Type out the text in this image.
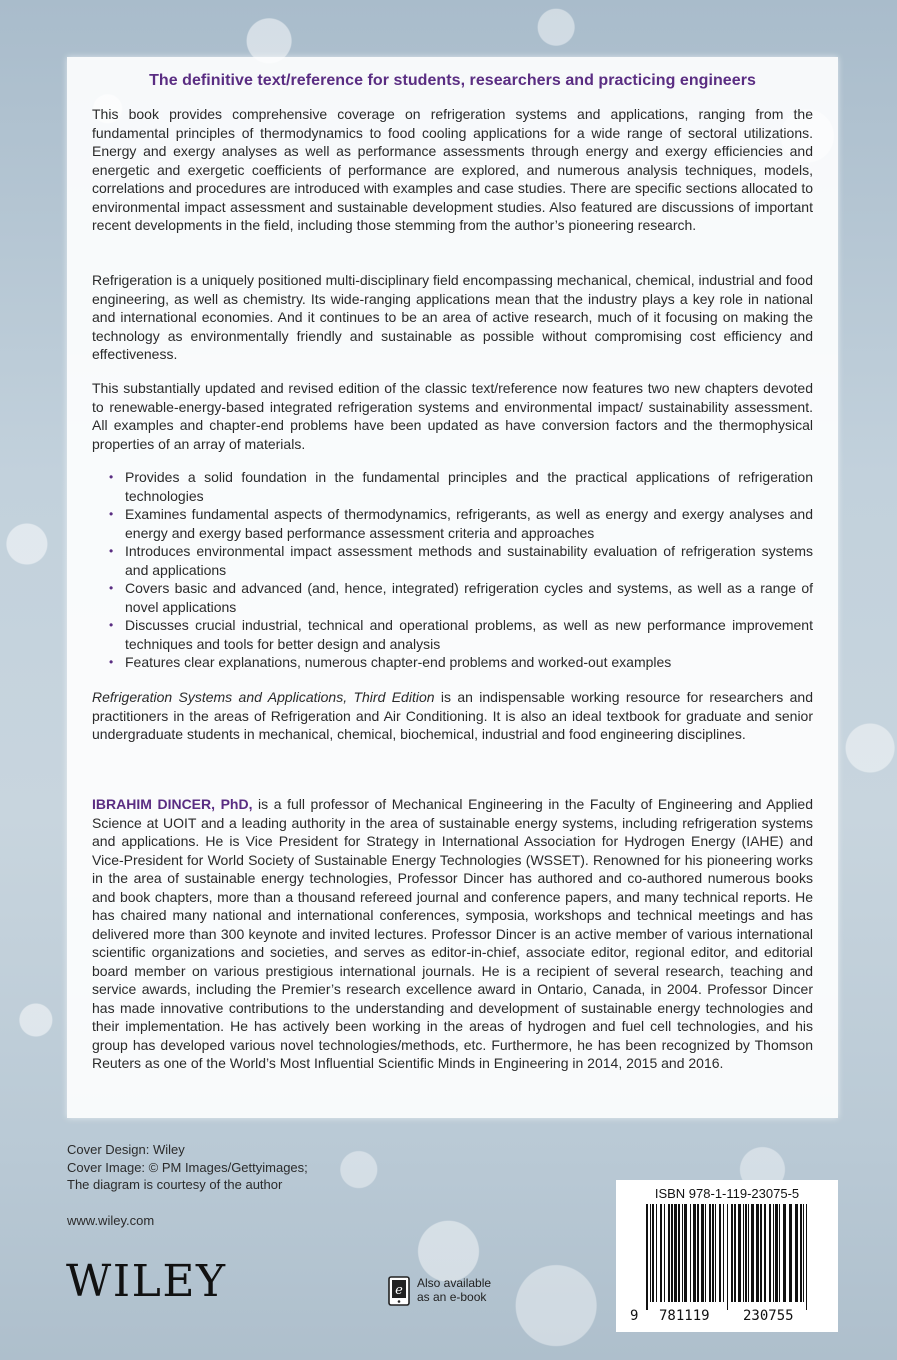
The definitive text/reference for students, researchers and practicing engineers

This book provides comprehensive coverage on refrigeration systems and applications, ranging from the fundamental principles of thermodynamics to food cooling applications for a wide range of sectoral utilizations. Energy and exergy analyses as well as performance assessments through energy and exergy efficiencies and energetic and exergetic coefficients of performance are explored, and numerous analysis techniques, models, correlations and procedures are introduced with examples and case studies. There are specific sections allocated to environmental impact assessment and sustainable development studies. Also featured are discussions of important recent developments in the field, including those stemming from the author’s pioneering research.

Refrigeration is a uniquely positioned multi-disciplinary field encompassing mechanical, chemical, industrial and food engineering, as well as chemistry. Its wide-ranging applications mean that the industry plays a key role in national and international economies. And it continues to be an area of active research, much of it focusing on making the technology as environmentally friendly and sustainable as possible without compromising cost efficiency and effectiveness.

This substantially updated and revised edition of the classic text/reference now features two new chapters devoted to renewable-energy-based integrated refrigeration systems and environmental impact/ sustainability assessment. All examples and chapter-end problems have been updated as have conversion factors and the thermophysical properties of an array of materials.

• Provides a solid foundation in the fundamental principles and the practical applications of refrigeration technologies
• Examines fundamental aspects of thermodynamics, refrigerants, as well as energy and exergy analyses and energy and exergy based performance assessment criteria and approaches
• Introduces environmental impact assessment methods and sustainability evaluation of refrigeration systems and applications
• Covers basic and advanced (and, hence, integrated) refrigeration cycles and systems, as well as a range of novel applications
• Discusses crucial industrial, technical and operational problems, as well as new performance improvement techniques and tools for better design and analysis
• Features clear explanations, numerous chapter-end problems and worked-out examples

Refrigeration Systems and Applications, Third Edition is an indispensable working resource for researchers and practitioners in the areas of Refrigeration and Air Conditioning. It is also an ideal textbook for graduate and senior undergraduate students in mechanical, chemical, biochemical, industrial and food engineering disciplines.

IBRAHIM DINCER, PhD, is a full professor of Mechanical Engineering in the Faculty of Engineering and Applied Science at UOIT and a leading authority in the area of sustainable energy systems, including refrigeration systems and applications. He is Vice President for Strategy in International Association for Hydrogen Energy (IAHE) and Vice-President for World Society of Sustainable Energy Technologies (WSSET). Renowned for his pioneering works in the area of sustainable energy technologies, Professor Dincer has authored and co-authored numerous books and book chapters, more than a thousand refereed journal and conference papers, and many technical reports. He has chaired many national and international conferences, symposia, workshops and technical meetings and has delivered more than 300 keynote and invited lectures. Professor Dincer is an active member of various international scientific organizations and societies, and serves as editor-in-chief, associate editor, regional editor, and editorial board member on various prestigious international journals. He is a recipient of several research, teaching and service awards, including the Premier’s research excellence award in Ontario, Canada, in 2004. Professor Dincer has made innovative contributions to the understanding and development of sustainable energy technologies and their implementation. He has actively been working in the areas of hydrogen and fuel cell technologies, and his group has developed various novel technologies/methods, etc. Furthermore, he has been recognized by Thomson Reuters as one of the World’s Most Influential Scientific Minds in Engineering in 2014, 2015 and 2016.

Cover Design: Wiley
Cover Image: © PM Images/Gettyimages;
The diagram is courtesy of the author
www.wiley.com
WILEY	e Also available
as an e-book
ISBN 978-1-119-23075-5
9 781119 230755
